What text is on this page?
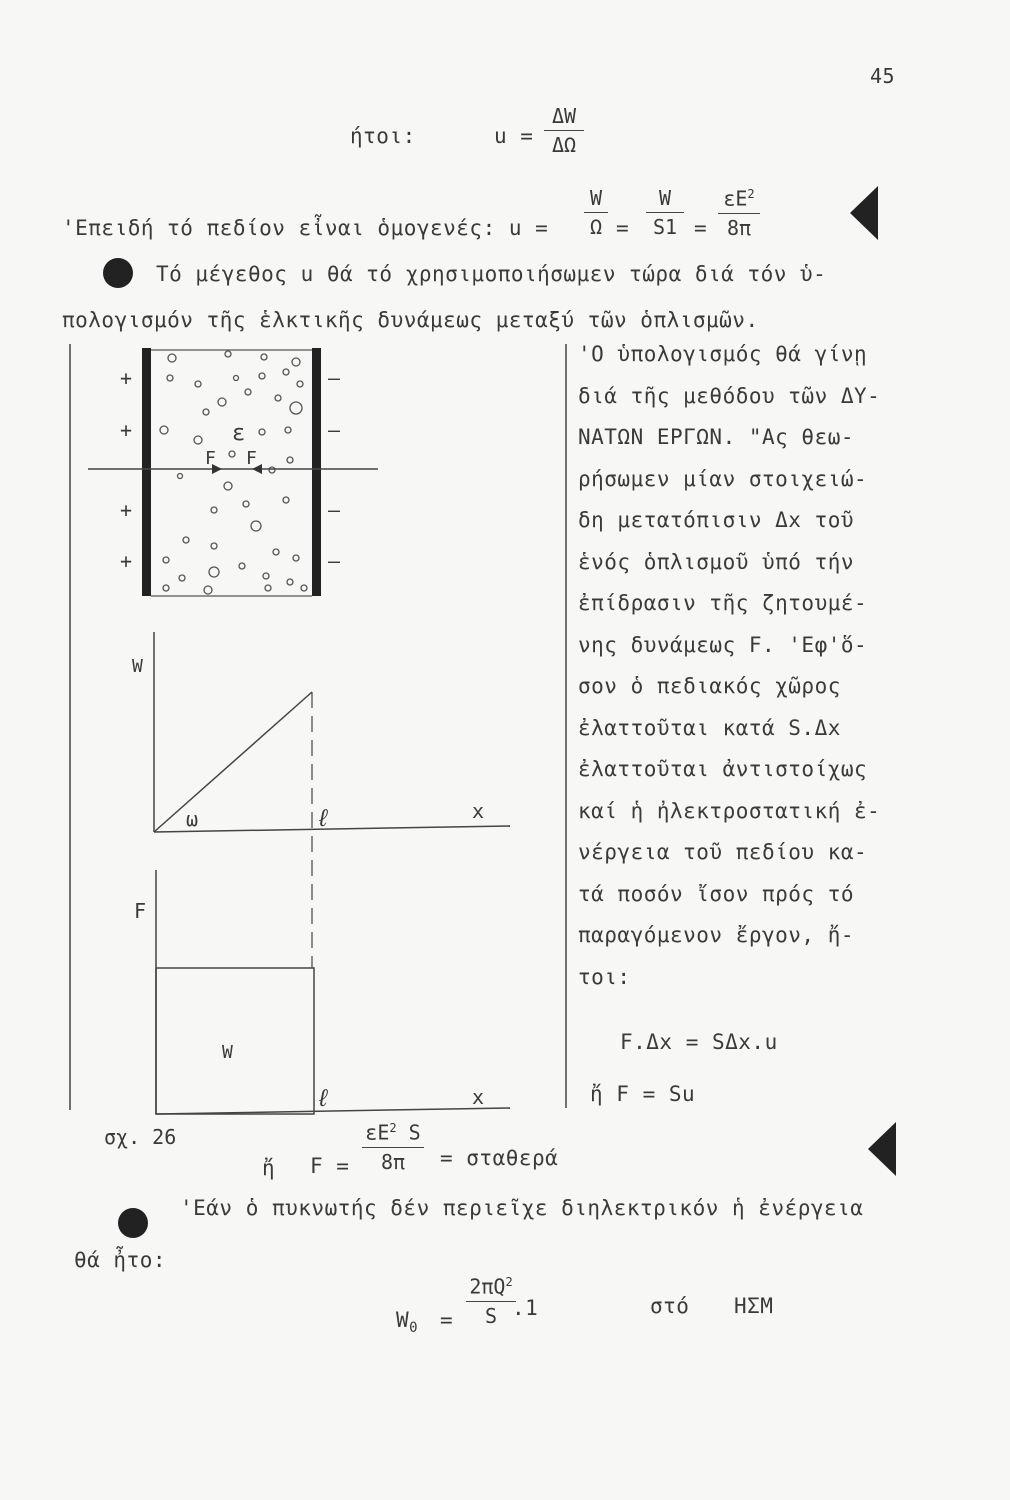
45
ήτοι:	u =
ΔW
ΔΩ
'Επειδή τό πεδίον εἶναι ὁμογενές: u =
W
Ω =
W
S1 =
$\varepsilon E^2$
8π
Τό μέγεθος u θά τό χρησιμοποιήσωμεν τώρα διά τόν ὑ-
πολογισμόν τῆς ἑλκτικῆς δυνάμεως μεταξύ τῶν ὁπλισμῶν.
'Ο ὑπολογισμός θά γίνῃ
διά τῆς μεθόδου τῶν ΔΥ-
ΝΑΤΩΝ ΕΡΓΩΝ. "Ας θεω-
ρήσωμεν μίαν στοιχειώ-
δη μετατόπισιν Δx τοῦ
ἑνός ὁπλισμοῦ ὑπό τήν
ἐπίδρασιν τῆς ζητουμέ-
νης δυνάμεως F. 'Εφ'ὅ-
σον ὁ πεδιακός χῶρος
ἐλαττοῦται κατά S.Δx
ἐλαττοῦται ἀντιστοίχως
καί ἡ ἠλεκτροστατική ἐ-
νέργεια τοῦ πεδίου κα-
τά ποσόν ἴσον πρός τό
παραγόμενον ἔργον, ἤ-
τοι:
F.Δx = SΔx.u
ἤ F = Su
F F
ε
+
+
+
+
—
—
—
—
W
x
ℓ
ω
F
W
x
ℓ
σχ. 26
ἤ F =
$\varepsilon E^2$ S
8π = σταθερά
'Εάν ὁ πυκνωτής δέν περιεῖχε διηλεκτρικόν ἡ ἐνέργεια
θά ἦτο:
$W_0$ =
$2\pi Q^2$
S .1	στό ΗΣΜ
